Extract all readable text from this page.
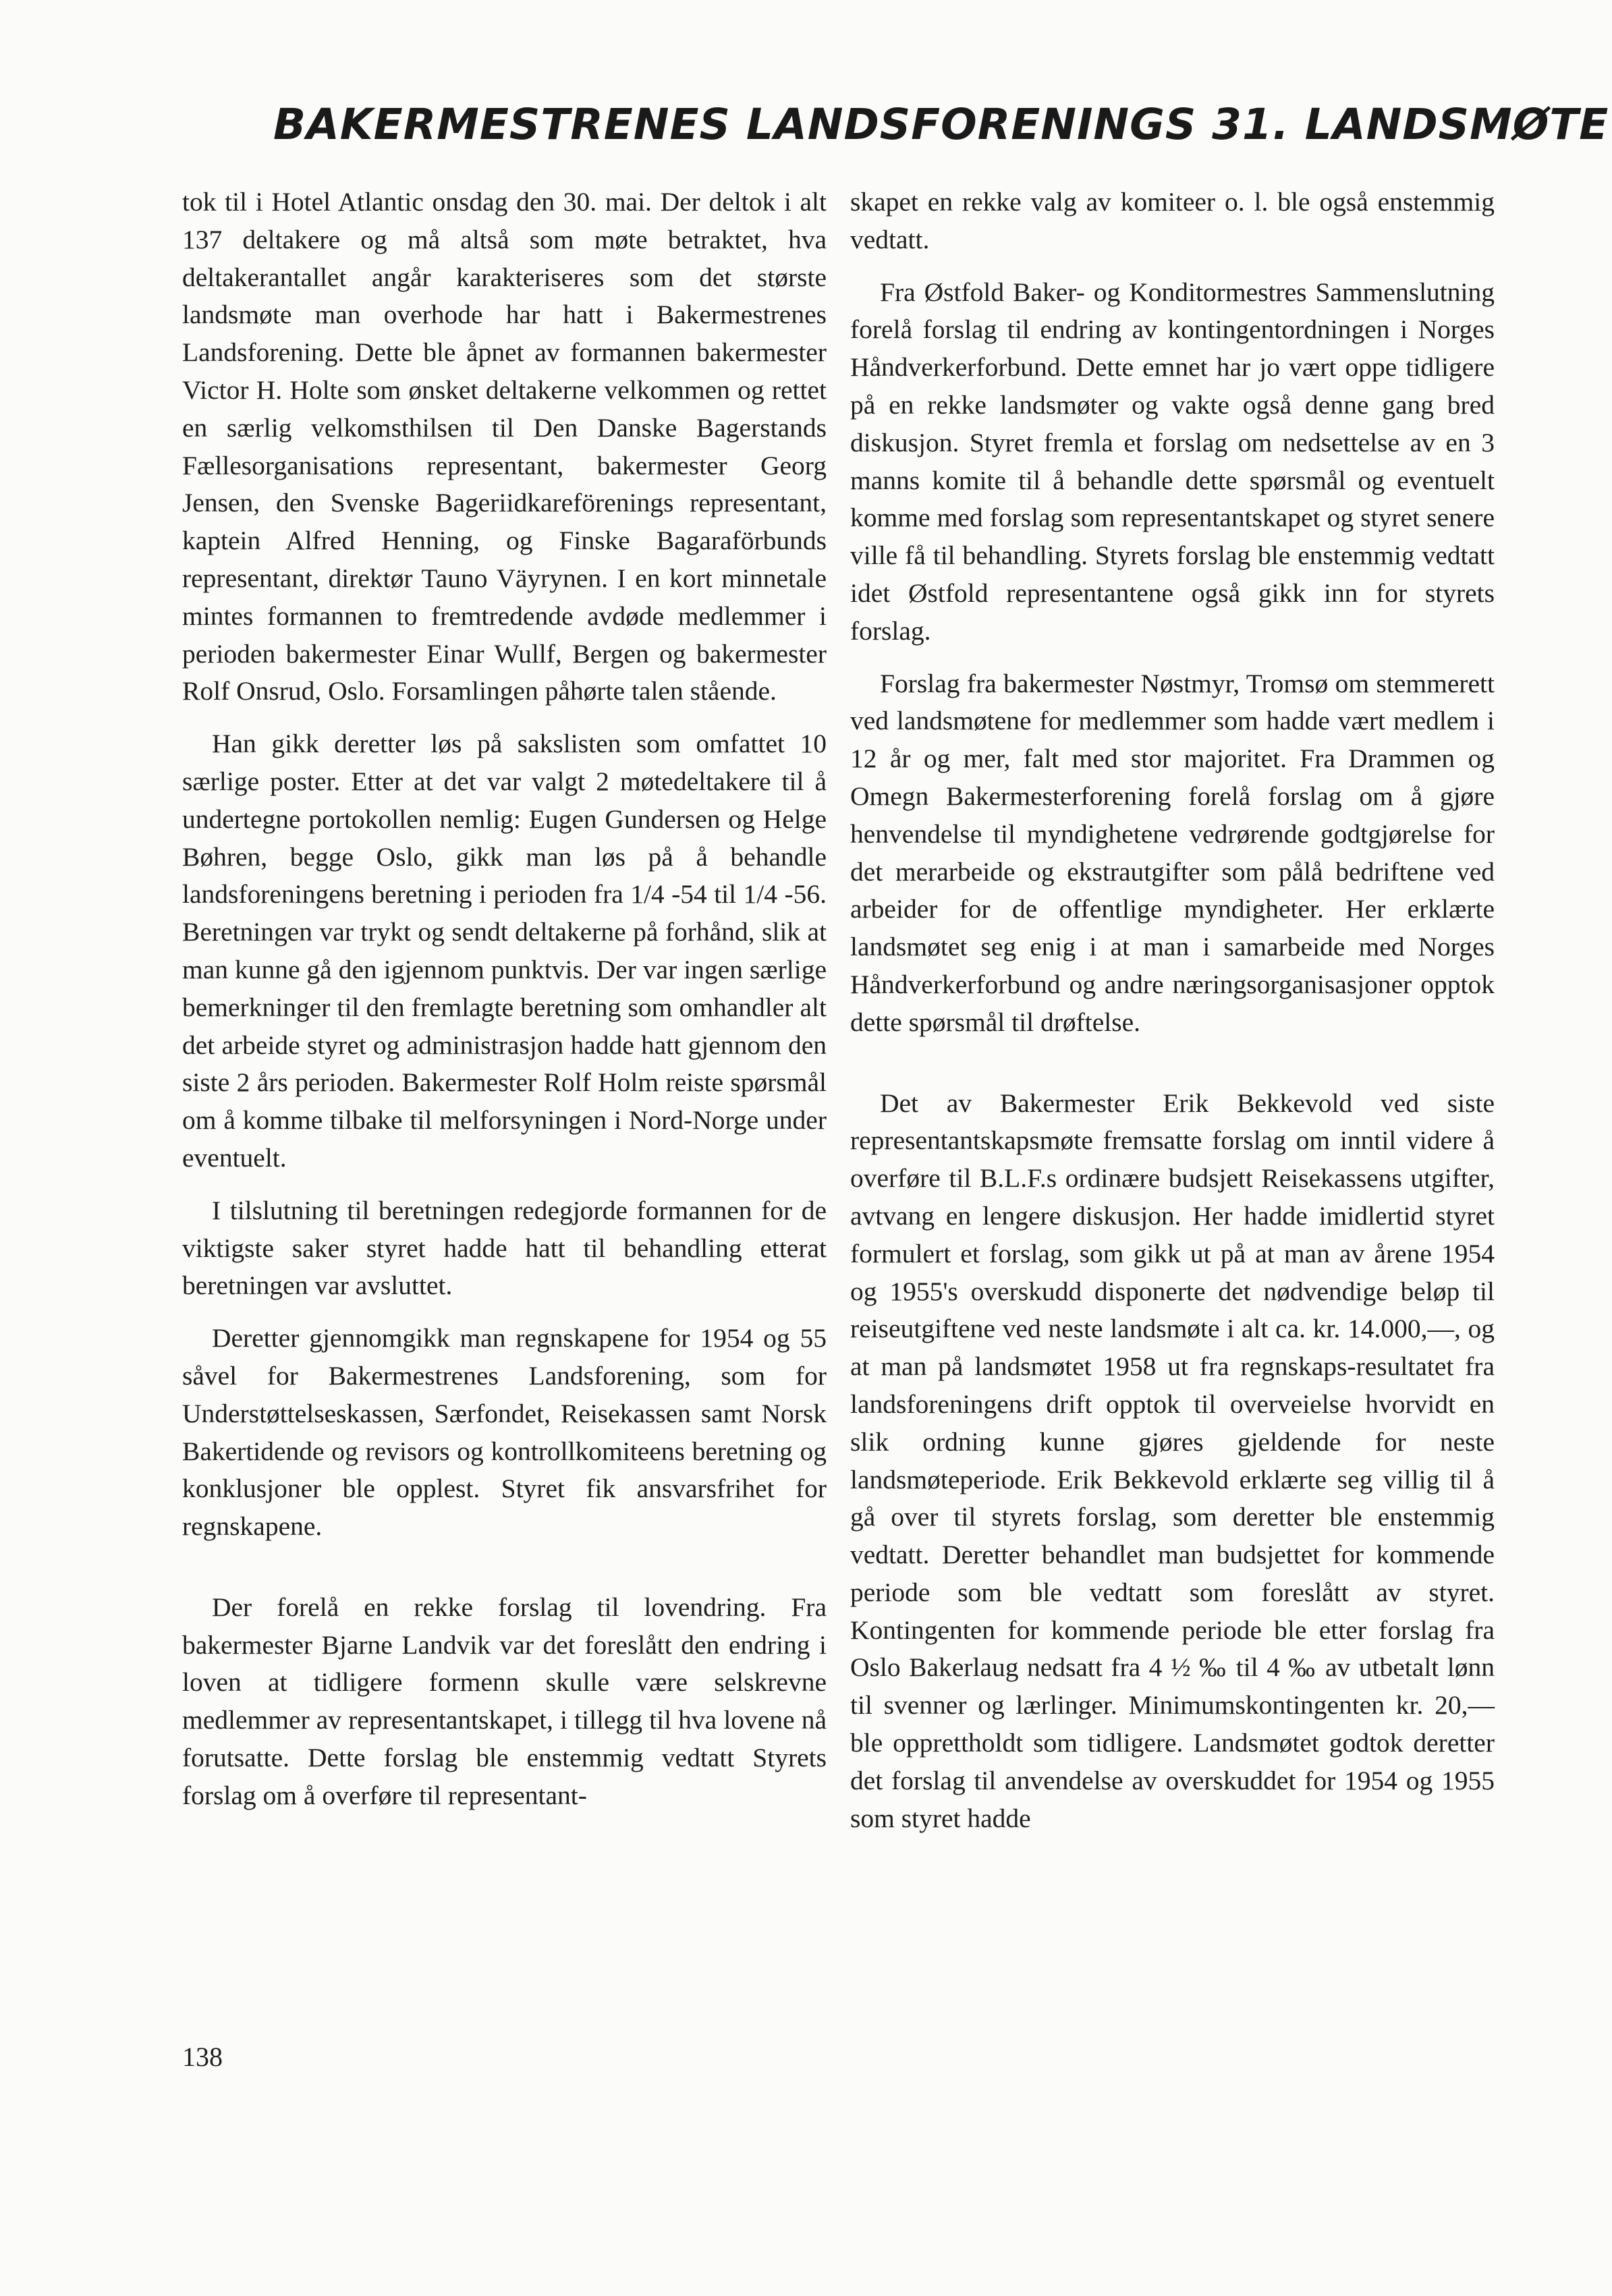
BAKERMESTRENES LANDSFORENINGS 31. LANDSMØTE

tok til i Hotel Atlantic onsdag den 30. mai. Der deltok i alt 137 deltakere og må altså som møte betraktet, hva deltakerantallet angår karakteriseres som det største landsmøte man overhode har hatt i Bakermestrenes Landsforening. Dette ble åpnet av formannen bakermester Victor H. Holte som ønsket deltakerne velkommen og rettet en særlig velkomsthilsen til Den Danske Bagerstands Fællesorganisations representant, bakermester Georg Jensen, den Svenske Bageriidkareförenings representant, kaptein Alfred Henning, og Finske Bagaraförbunds representant, direktør Tauno Väyrynen. I en kort minnetale mintes formannen to fremtredende avdøde medlemmer i perioden bakermester Einar Wullf, Bergen og bakermester Rolf Onsrud, Oslo. Forsamlingen påhørte talen stående.

Han gikk deretter løs på sakslisten som omfattet 10 særlige poster. Etter at det var valgt 2 møtedeltakere til å undertegne portokollen nemlig: Eugen Gundersen og Helge Bøhren, begge Oslo, gikk man løs på å behandle landsforeningens beretning i perioden fra 1/4 -54 til 1/4 -56. Beretningen var trykt og sendt deltakerne på forhånd, slik at man kunne gå den igjennom punktvis. Der var ingen særlige bemerkninger til den fremlagte beretning som omhandler alt det arbeide styret og administrasjon hadde hatt gjennom den siste 2 års perioden. Bakermester Rolf Holm reiste spørsmål om å komme tilbake til melforsyningen i Nord-Norge under eventuelt.

I tilslutning til beretningen redegjorde formannen for de viktigste saker styret hadde hatt til behandling etterat beretningen var avsluttet.

Deretter gjennomgikk man regnskapene for 1954 og 55 såvel for Bakermestrenes Landsforening, som for Understøttelseskassen, Særfondet, Reisekassen samt Norsk Bakertidende og revisors og kontrollkomiteens beretning og konklusjoner ble opplest. Styret fik ansvarsfrihet for regnskapene.

Der forelå en rekke forslag til lovendring. Fra bakermester Bjarne Landvik var det foreslått den endring i loven at tidligere formenn skulle være selskrevne medlemmer av representantskapet, i tillegg til hva lovene nå forutsatte. Dette forslag ble enstemmig vedtatt Styrets forslag om å overføre til representant-

skapet en rekke valg av komiteer o. l. ble også enstemmig vedtatt.

Fra Østfold Baker- og Konditormestres Sammenslutning forelå forslag til endring av kontingentordningen i Norges Håndverkerforbund. Dette emnet har jo vært oppe tidligere på en rekke landsmøter og vakte også denne gang bred diskusjon. Styret fremla et forslag om nedsettelse av en 3 manns komite til å behandle dette spørsmål og eventuelt komme med forslag som representantskapet og styret senere ville få til behandling. Styrets forslag ble enstemmig vedtatt idet Østfold representantene også gikk inn for styrets forslag.

Forslag fra bakermester Nøstmyr, Tromsø om stemmerett ved landsmøtene for medlemmer som hadde vært medlem i 12 år og mer, falt med stor majoritet. Fra Drammen og Omegn Bakermesterforening forelå forslag om å gjøre henvendelse til myndighetene vedrørende godtgjørelse for det merarbeide og ekstrautgifter som pålå bedriftene ved arbeider for de offentlige myndigheter. Her erklærte landsmøtet seg enig i at man i samarbeide med Norges Håndverkerforbund og andre næringsorganisasjoner opptok dette spørsmål til drøftelse.

Det av Bakermester Erik Bekkevold ved siste representantskapsmøte fremsatte forslag om inntil videre å overføre til B.L.F.s ordinære budsjett Reisekassens utgifter, avtvang en lengere diskusjon. Her hadde imidlertid styret formulert et forslag, som gikk ut på at man av årene 1954 og 1955's overskudd disponerte det nødvendige beløp til reiseutgiftene ved neste landsmøte i alt ca. kr. 14.000,—, og at man på landsmøtet 1958 ut fra regnskaps-resultatet fra landsforeningens drift opptok til overveielse hvorvidt en slik ordning kunne gjøres gjeldende for neste landsmøteperiode. Erik Bekkevold erklærte seg villig til å gå over til styrets forslag, som deretter ble enstemmig vedtatt. Deretter behandlet man budsjettet for kommende periode som ble vedtatt som foreslått av styret. Kontingenten for kommende periode ble etter forslag fra Oslo Bakerlaug nedsatt fra 4 ½ ‰ til 4 ‰ av utbetalt lønn til svenner og lærlinger. Minimumskontingenten kr. 20,— ble opprettholdt som tidligere. Landsmøtet godtok deretter det forslag til anvendelse av overskuddet for 1954 og 1955 som styret hadde

138
